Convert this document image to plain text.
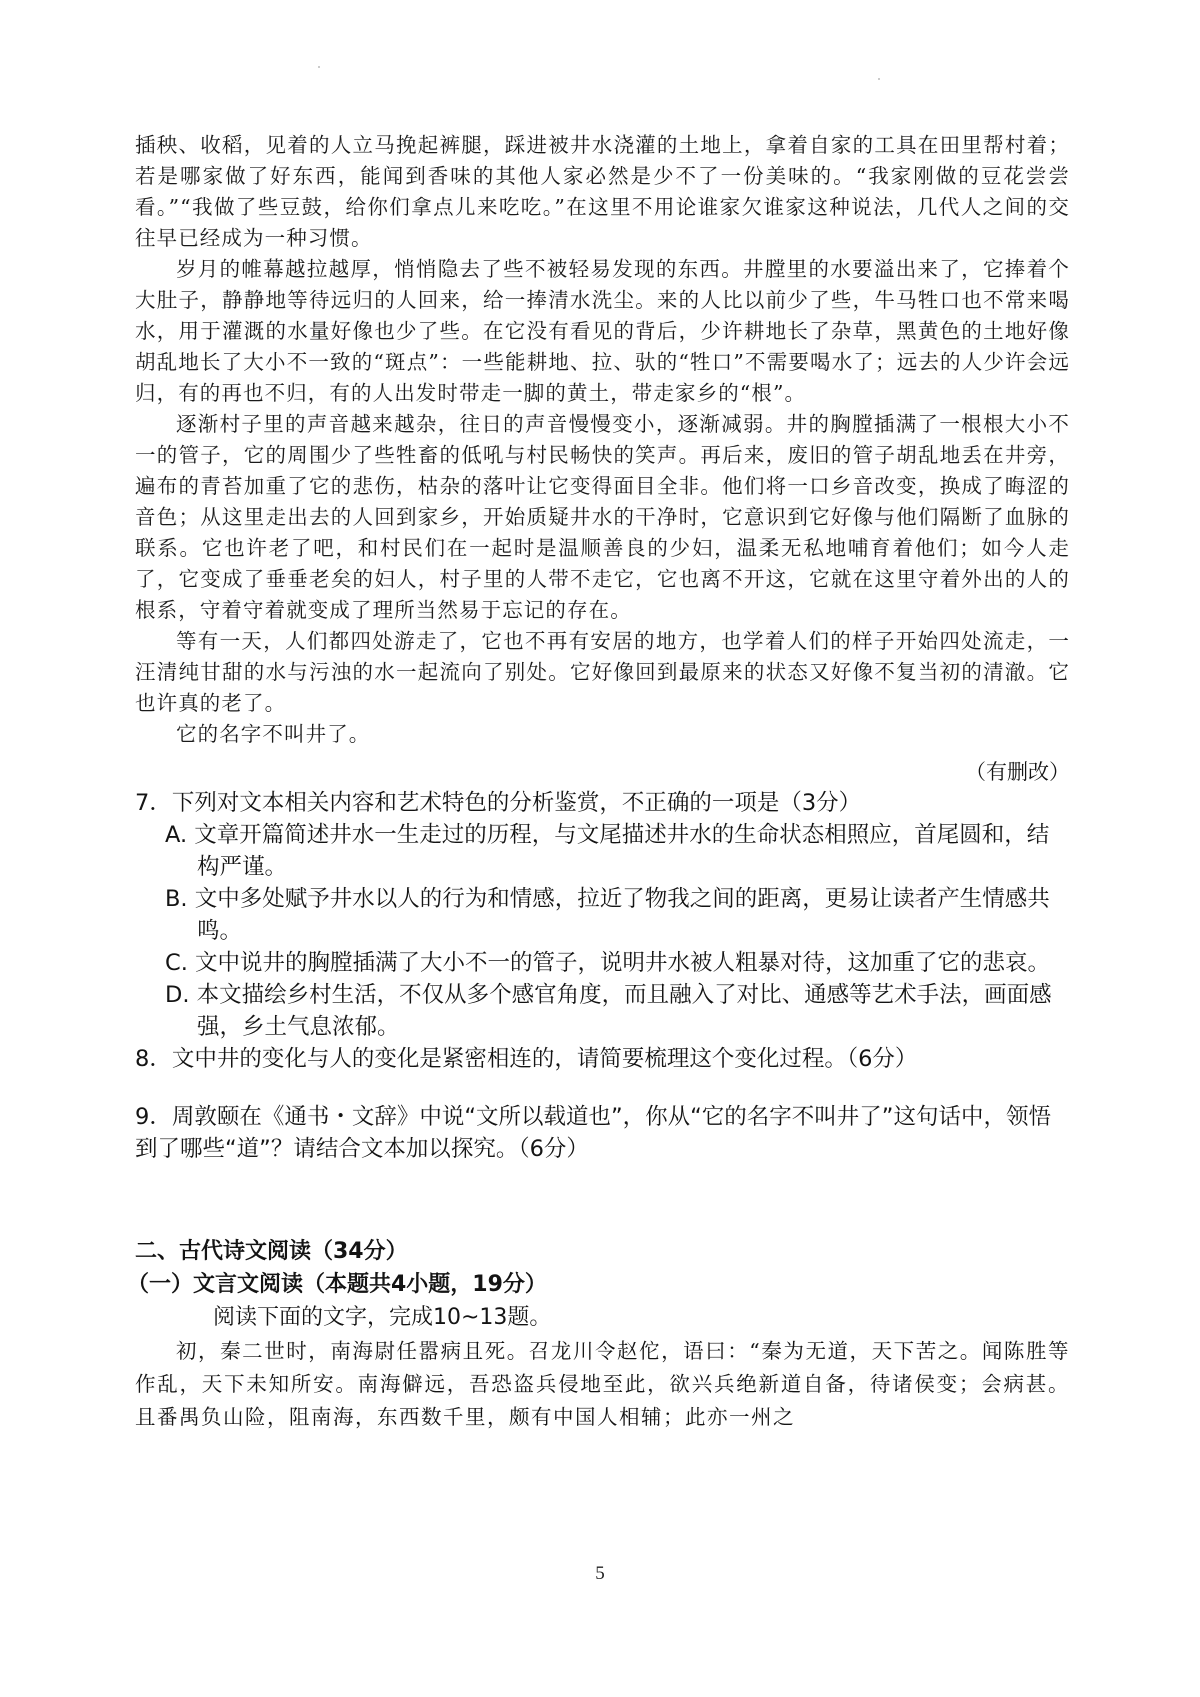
插秧、收稻，见着的人立马挽起裤腿，踩进被井水浇灌的土地上，拿着自家的工具在田里帮村着；若是哪家做了好东西，能闻到香味的其他人家必然是少不了一份美味的。“我家刚做的豆花尝尝看。”“我做了些豆鼓，给你们拿点儿来吃吃。”在这里不用论谁家欠谁家这种说法，几代人之间的交往早已经成为一种习惯。

岁月的帷幕越拉越厚，悄悄隐去了些不被轻易发现的东西。井膛里的水要溢出来了，它捧着个大肚子，静静地等待远归的人回来，给一捧清水洗尘。来的人比以前少了些，牛马牲口也不常来喝水，用于灌溉的水量好像也少了些。在它没有看见的背后，少许耕地长了杂草，黑黄色的土地好像胡乱地长了大小不一致的“斑点”：一些能耕地、拉、驮的“牲口”不需要喝水了；远去的人少许会远归，有的再也不归，有的人出发时带走一脚的黄土，带走家乡的“根”。

逐渐村子里的声音越来越杂，往日的声音慢慢变小，逐渐减弱。井的胸膛插满了一根根大小不一的管子，它的周围少了些牲畜的低吼与村民畅快的笑声。再后来，废旧的管子胡乱地丢在井旁，遍布的青苔加重了它的悲伤，枯杂的落叶让它变得面目全非。他们将一口乡音改变，换成了晦涩的音色；从这里走出去的人回到家乡，开始质疑井水的干净时，它意识到它好像与他们隔断了血脉的联系。它也许老了吧，和村民们在一起时是温顺善良的少妇，温柔无私地哺育着他们；如今人走了，它变成了垂垂老矣的妇人，村子里的人带不走它，它也离不开这，它就在这里守着外出的人的根系，守着守着就变成了理所当然易于忘记的存在。

等有一天，人们都四处游走了，它也不再有安居的地方，也学着人们的样子开始四处流走，一汪清纯甘甜的水与污浊的水一起流向了别处。它好像回到最原来的状态又好像不复当初的清澈。它也许真的老了。

它的名字不叫井了。

（有删改）

7．下列对文本相关内容和艺术特色的分析鉴赏，不正确的一项是（3分）

A. 文章开篇简述井水一生走过的历程，与文尾描述井水的生命状态相照应，首尾圆和，结构严谨。

B. 文中多处赋予井水以人的行为和情感，拉近了物我之间的距离，更易让读者产生情感共鸣。

C. 文中说井的胸膛插满了大小不一的管子，说明井水被人粗暴对待，这加重了它的悲哀。

D. 本文描绘乡村生活，不仅从多个感官角度，而且融入了对比、通感等艺术手法，画面感强，乡土气息浓郁。

8．文中井的变化与人的变化是紧密相连的，请简要梳理这个变化过程。（6分）

9．周敦颐在《通书・文辞》中说“文所以载道也”，你从“它的名字不叫井了”这句话中，领悟到了哪些“道”？请结合文本加以探究。（6分）

二、古代诗文阅读（34分）

（一）文言文阅读（本题共4小题，19分）

阅读下面的文字，完成10~13题。

初，秦二世时，南海尉任嚣病且死。召龙川令赵佗，语曰：“秦为无道，天下苦之。闻陈胜等作乱，天下未知所安。南海僻远，吾恐盗兵侵地至此，欲兴兵绝新道自备，待诸侯变；会病甚。且番禺负山险，阻南海，东西数千里，颇有中国人相辅；此亦一州之

5
